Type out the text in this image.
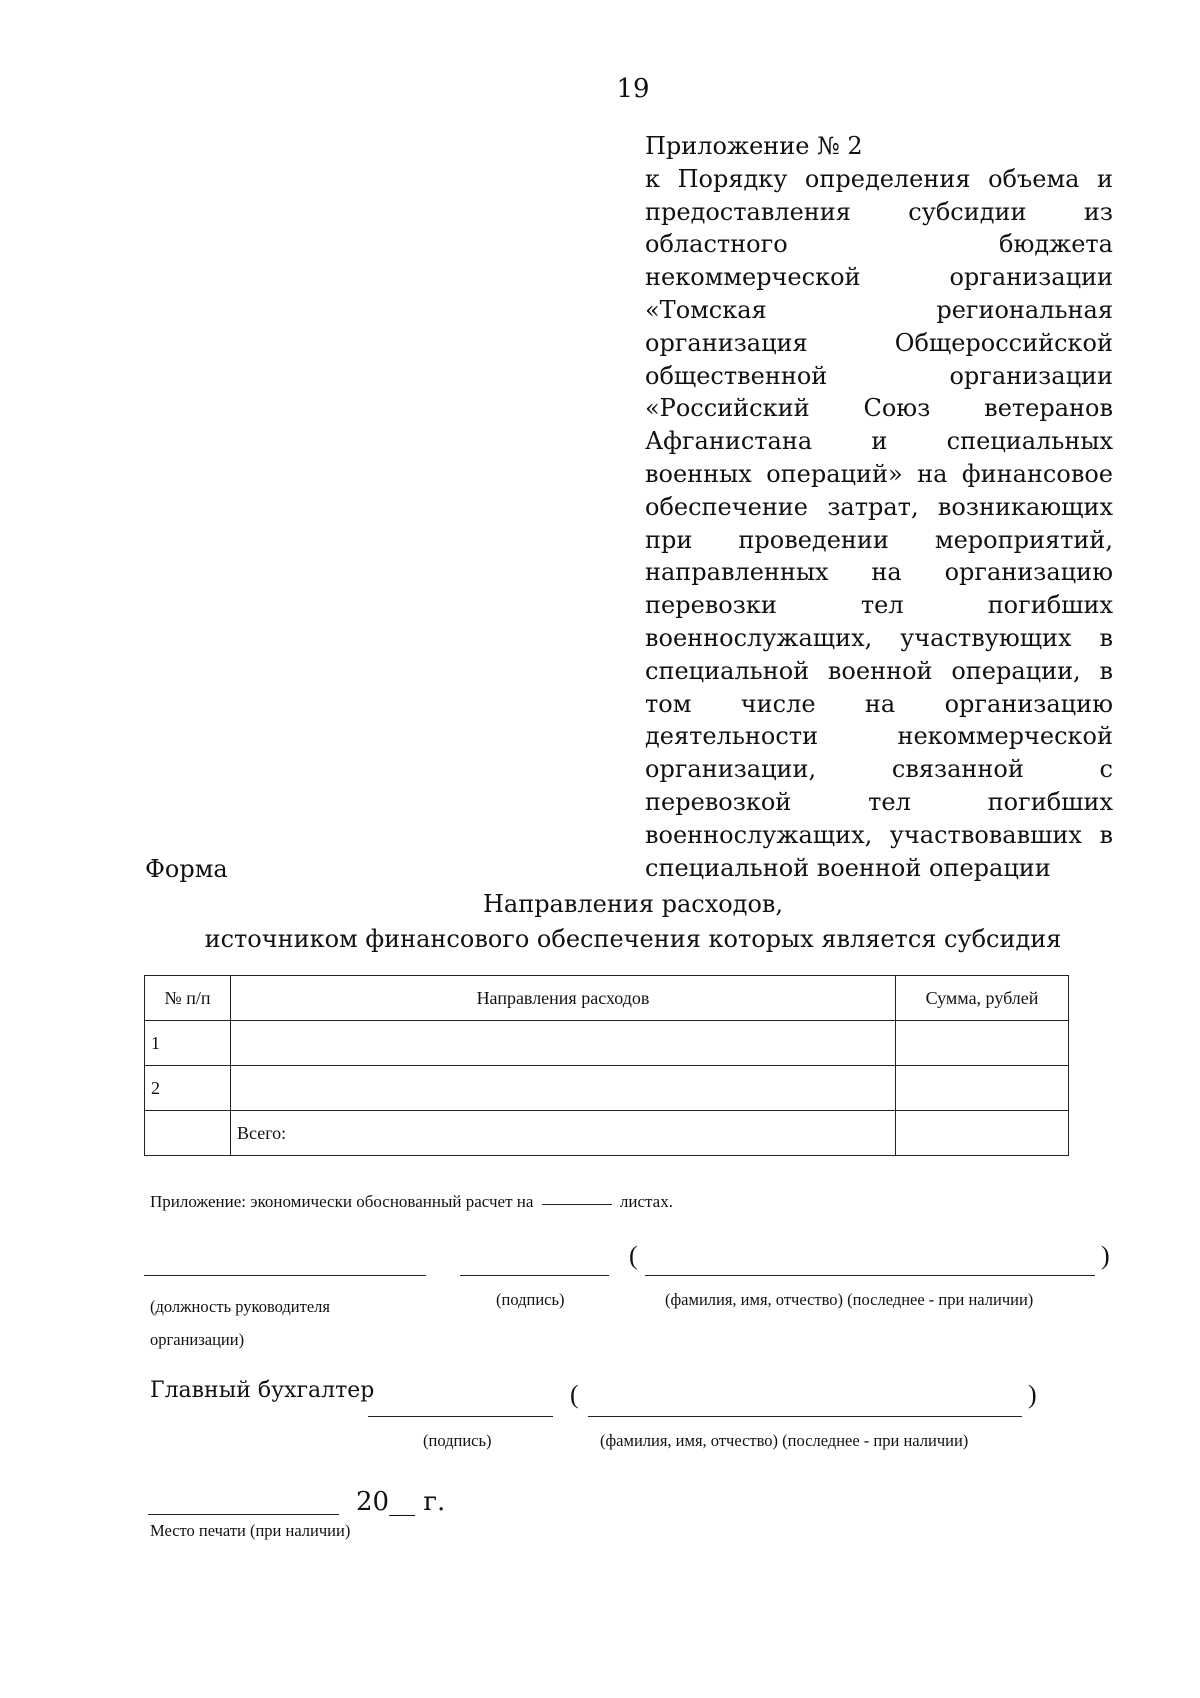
19
Приложение № 2
к Порядку определения объема и предоставления субсидии из областного бюджета некоммерческой организации «Томская региональная организация Общероссийской общественной организации «Российский Союз ветеранов Афганистана и специальных военных операций» на финансовое обеспечение затрат, возникающих при проведении мероприятий, направленных на организацию перевозки тел погибших военнослужащих, участвующих в специальной военной операции, в том числе на организацию деятельности некоммерческой организации, связанной с перевозкой тел погибших военнослужащих, участвовавших в специальной военной операции
Форма
Направления расходов,
источником финансового обеспечения которых является субсидия
№ п/п	Направления расходов	Сумма, рублей
1		
2		
	Всего:	
Приложение: экономически обоснованный расчет на	листах.
(	)
(должность руководителя организации)
(подпись)	(фамилия, имя, отчество) (последнее - при наличии)
Главный бухгалтер	(	)
(подпись)	(фамилия, имя, отчество) (последнее - при наличии)
20__ г.
Место печати (при наличии)
